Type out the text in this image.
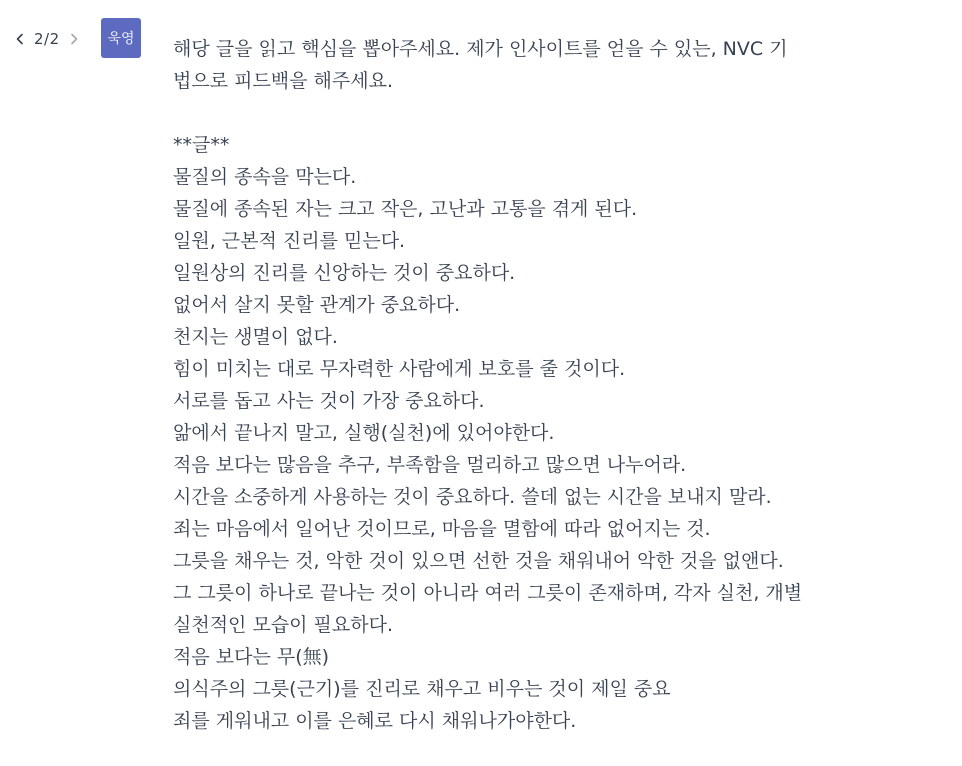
2/2	욱영	해당 글을 읽고 핵심을 뽑아주세요. 제가 인사이트를 얻을 수 있는, NVC 기
법으로 피드백을 해주세요.
**글**
물질의 종속을 막는다.
물질에 종속된 자는 크고 작은, 고난과 고통을 겪게 된다.
일원, 근본적 진리를 믿는다.
일원상의 진리를 신앙하는 것이 중요하다.
없어서 살지 못할 관계가 중요하다.
천지는 생멸이 없다.
힘이 미치는 대로 무자력한 사람에게 보호를 줄 것이다.
서로를 돕고 사는 것이 가장 중요하다.
앎에서 끝나지 말고, 실행(실천)에 있어야한다.
적음 보다는 많음을 추구, 부족함을 멀리하고 많으면 나누어라.
시간을 소중하게 사용하는 것이 중요하다. 쓸데 없는 시간을 보내지 말라.
죄는 마음에서 일어난 것이므로, 마음을 멸함에 따라 없어지는 것.
그릇을 채우는 것, 악한 것이 있으면 선한 것을 채워내어 악한 것을 없앤다.
그 그릇이 하나로 끝나는 것이 아니라 여러 그릇이 존재하며, 각자 실천, 개별
실천적인 모습이 필요하다.
적음 보다는 무(無)
의식주의 그릇(근기)를 진리로 채우고 비우는 것이 제일 중요
죄를 게워내고 이를 은혜로 다시 채워나가야한다.
